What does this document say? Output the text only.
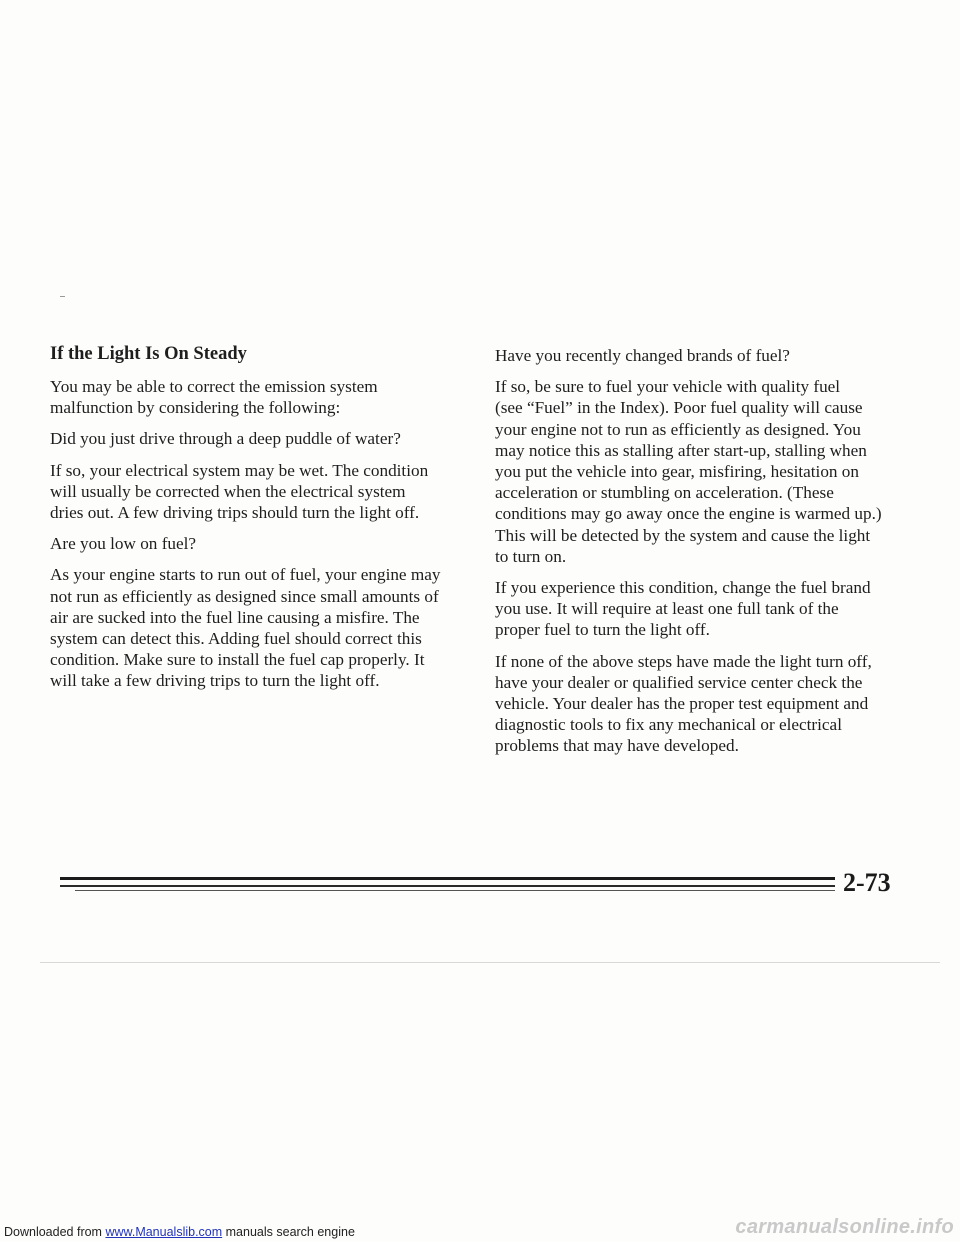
If the Light Is On Steady

You may be able to correct the emission system
malfunction by considering the following:

Did you just drive through a deep puddle of water?

If so, your electrical system may be wet. The condition
will usually be corrected when the electrical system
dries out. A few driving trips should turn the light off.

Are you low on fuel?

As your engine starts to run out of fuel, your engine may
not run as efficiently as designed since small amounts of
air are sucked into the fuel line causing a misfire. The
system can detect this. Adding fuel should correct this
condition. Make sure to install the fuel cap properly. It
will take a few driving trips to turn the light off.

Have you recently changed brands of fuel?

If so, be sure to fuel your vehicle with quality fuel
(see “Fuel” in the Index). Poor fuel quality will cause
your engine not to run as efficiently as designed. You
may notice this as stalling after start-up, stalling when
you put the vehicle into gear, misfiring, hesitation on
acceleration or stumbling on acceleration. (These
conditions may go away once the engine is warmed up.)
This will be detected by the system and cause the light
to turn on.

If you experience this condition, change the fuel brand
you use. It will require at least one full tank of the
proper fuel to turn the light off.

If none of the above steps have made the light turn off,
have your dealer or qualified service center check the
vehicle. Your dealer has the proper test equipment and
diagnostic tools to fix any mechanical or electrical
problems that may have developed.

2-73
Downloaded from www.Manualslib.com manuals search engine	carmanualsonline.info
